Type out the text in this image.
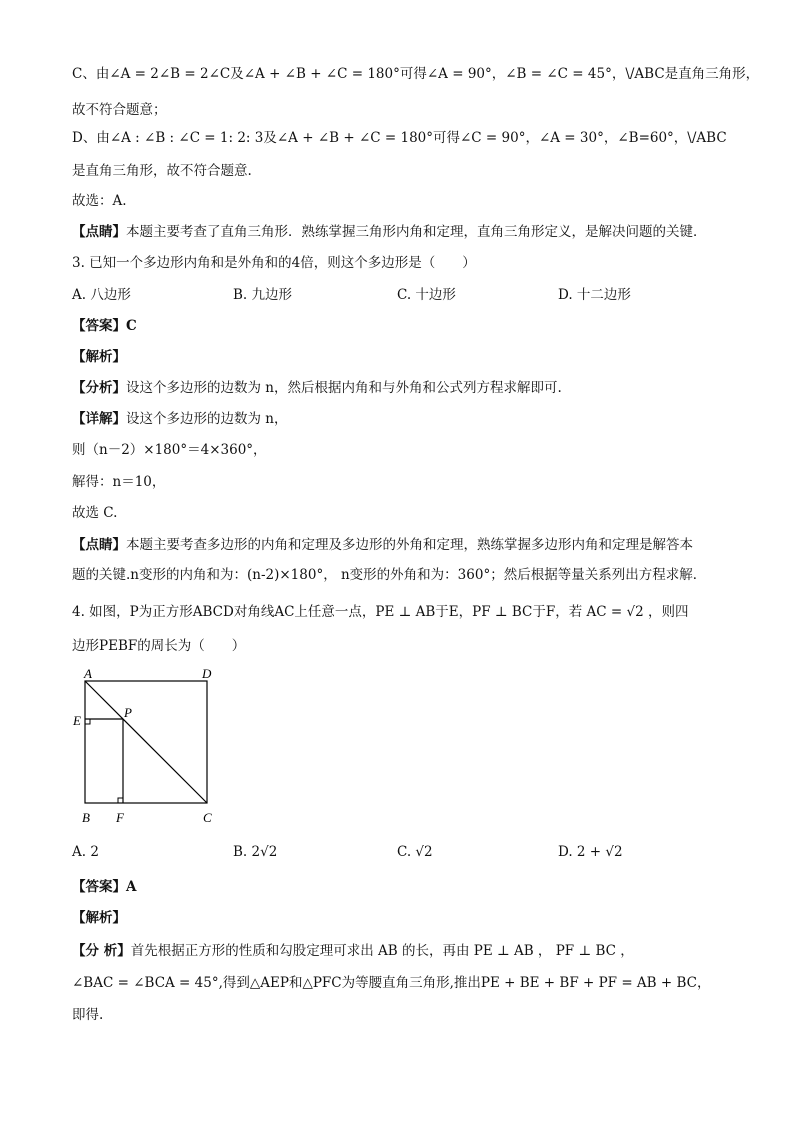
C、由∠A = 2∠B = 2∠C及∠A + ∠B + ∠C = 180°可得∠A = 90°，∠B = ∠C = 45°，\/ABC是直角三角形，
故不符合题意；
D、由∠A : ∠B : ∠C = 1: 2: 3及∠A + ∠B + ∠C = 180°可得∠C = 90°，∠A = 30°，∠B=60°，\/ABC
是直角三角形，故不符合题意.
故选：A.
【点睛】本题主要考查了直角三角形．熟练掌握三角形内角和定理，直角三角形定义，是解决问题的关键．
3. 已知一个多边形内角和是外角和的4倍，则这个多边形是（　　）
A. 八边形	B. 九边形	C. 十边形	D. 十二边形
【答案】C
【解析】
【分析】设这个多边形的边数为 n，然后根据内角和与外角和公式列方程求解即可.
【详解】设这个多边形的边数为 n，
则（n－2）×180°＝4×360°，
解得：n＝10，
故选 C.
【点睛】本题主要考查多边形的内角和定理及多边形的外角和定理，熟练掌握多边形内角和定理是解答本
题的关键.n变形的内角和为：(n-2)×180°， n变形的外角和为：360°；然后根据等量关系列出方程求解．
4. 如图，P为正方形ABCD对角线AC上任意一点，PE ⊥ AB于E，PF ⊥ BC于F，若 AC = √2 ，则四
边形PEBF的周长为（　　）
A	D
E
P
B F	C
A. 2	B. 2√2	C. √2	D. 2 + √2
【答案】A
【解析】
【分 析】首先根据正方形的性质和勾股定理可求出 AB 的长，再由 PE ⊥ AB ， PF ⊥ BC ，
∠BAC = ∠BCA = 45°,得到△AEP和△PFC为等腰直角三角形,推出PE + BE + BF + PF = AB + BC，
即得.
